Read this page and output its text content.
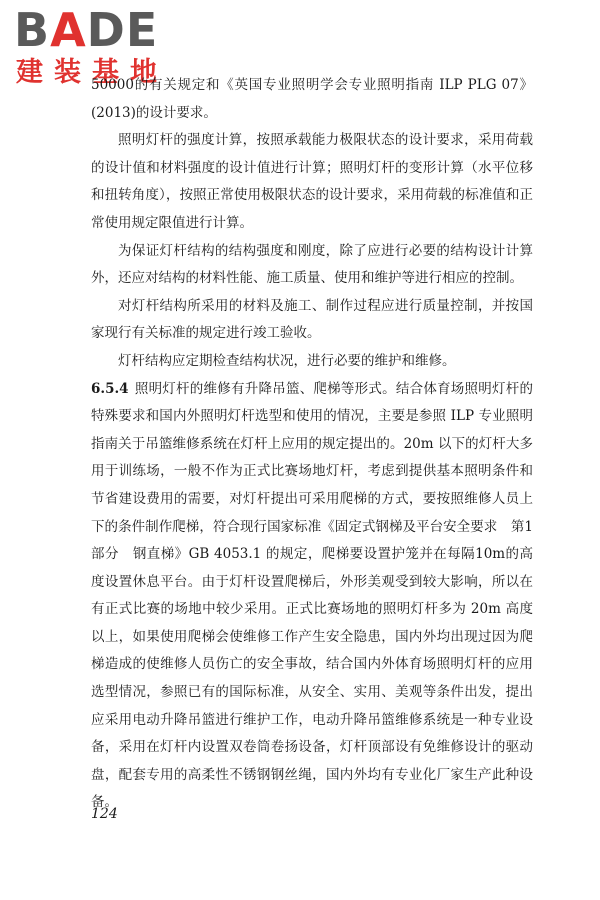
BADE
建装基地

50000的有关规定和《英国专业照明学会专业照明指南 ILP PLG 07》(2013)的设计要求。

照明灯杆的强度计算，按照承载能力极限状态的设计要求，采用荷载的设计值和材料强度的设计值进行计算；照明灯杆的变形计算（水平位移和扭转角度），按照正常使用极限状态的设计要求，采用荷载的标准值和正常使用规定限值进行计算。

为保证灯杆结构的结构强度和刚度，除了应进行必要的结构设计计算外，还应对结构的材料性能、施工质量、使用和维护等进行相应的控制。

对灯杆结构所采用的材料及施工、制作过程应进行质量控制，并按国家现行有关标准的规定进行竣工验收。

灯杆结构应定期检查结构状况，进行必要的维护和维修。

6.5.4 照明灯杆的维修有升降吊篮、爬梯等形式。结合体育场照明灯杆的特殊要求和国内外照明灯杆选型和使用的情况，主要是参照 ILP 专业照明指南关于吊篮维修系统在灯杆上应用的规定提出的。20m 以下的灯杆大多用于训练场，一般不作为正式比赛场地灯杆，考虑到提供基本照明条件和节省建设费用的需要，对灯杆提出可采用爬梯的方式，要按照维修人员上下的条件制作爬梯，符合现行国家标准《固定式钢梯及平台安全要求　第1部分　钢直梯》GB 4053.1 的规定，爬梯要设置护笼并在每隔10m的高度设置休息平台。由于灯杆设置爬梯后，外形美观受到较大影响，所以在有正式比赛的场地中较少采用。正式比赛场地的照明灯杆多为 20m 高度以上，如果使用爬梯会使维修工作产生安全隐患，国内外均出现过因为爬梯造成的使维修人员伤亡的安全事故，结合国内外体育场照明灯杆的应用选型情况，参照已有的国际标准，从安全、实用、美观等条件出发，提出应采用电动升降吊篮进行维护工作，电动升降吊篮维修系统是一种专业设备，采用在灯杆内设置双卷筒卷扬设备，灯杆顶部设有免维修设计的驱动盘，配套专用的高柔性不锈钢钢丝绳，国内外均有专业化厂家生产此种设备。

124
